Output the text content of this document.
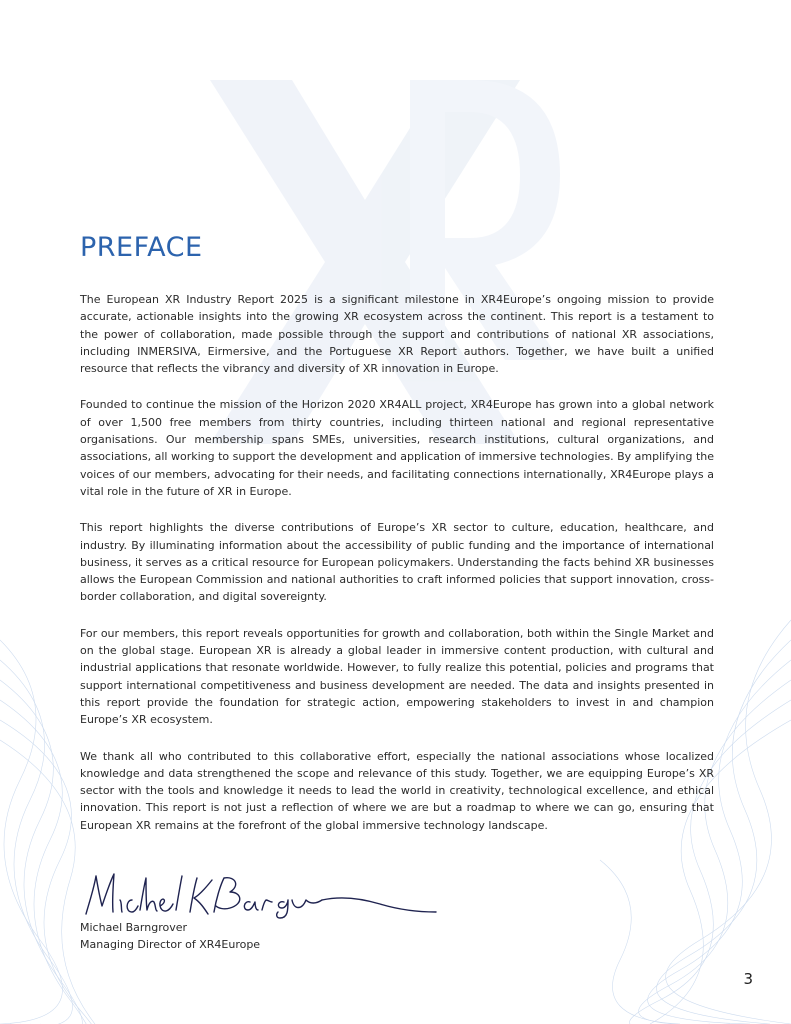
PREFACE

The European XR Industry Report 2025 is a significant milestone in XR4Europe’s ongoing mission to provide accurate, actionable insights into the growing XR ecosystem across the continent. This report is a testament to the power of collaboration, made possible through the support and contributions of national XR associations, including INMERSIVA, Eirmersive, and the Portuguese XR Report authors. Together, we have built a unified resource that reflects the vibrancy and diversity of XR innovation in Europe.

Founded to continue the mission of the Horizon 2020 XR4ALL project, XR4Europe has grown into a global network of over 1,500 free members from thirty countries, including thirteen national and regional representative organisations. Our membership spans SMEs, universities, research institutions, cultural organizations, and associations, all working to support the development and application of immersive technologies. By amplifying the voices of our members, advocating for their needs, and facilitating connections internationally, XR4Europe plays a vital role in the future of XR in Europe.

This report highlights the diverse contributions of Europe’s XR sector to culture, education, healthcare, and industry. By illuminating information about the accessibility of public funding and the importance of international business, it serves as a critical resource for European policymakers. Understanding the facts behind XR businesses allows the European Commission and national authorities to craft informed policies that support innovation, cross-border collaboration, and digital sovereignty.

For our members, this report reveals opportunities for growth and collaboration, both within the Single Market and on the global stage. European XR is already a global leader in immersive content production, with cultural and industrial applications that resonate worldwide. However, to fully realize this potential, policies and programs that support international competitiveness and business development are needed. The data and insights presented in this report provide the foundation for strategic action, empowering stakeholders to invest in and champion Europe’s XR ecosystem.

We thank all who contributed to this collaborative effort, especially the national associations whose localized knowledge and data strengthened the scope and relevance of this study. Together, we are equipping Europe’s XR sector with the tools and knowledge it needs to lead the world in creativity, technological excellence, and ethical innovation. This report is not just a reflection of where we are but a roadmap to where we can go, ensuring that European XR remains at the forefront of the global immersive technology landscape.

Michael Barngrover
Managing Director of XR4Europe
3
